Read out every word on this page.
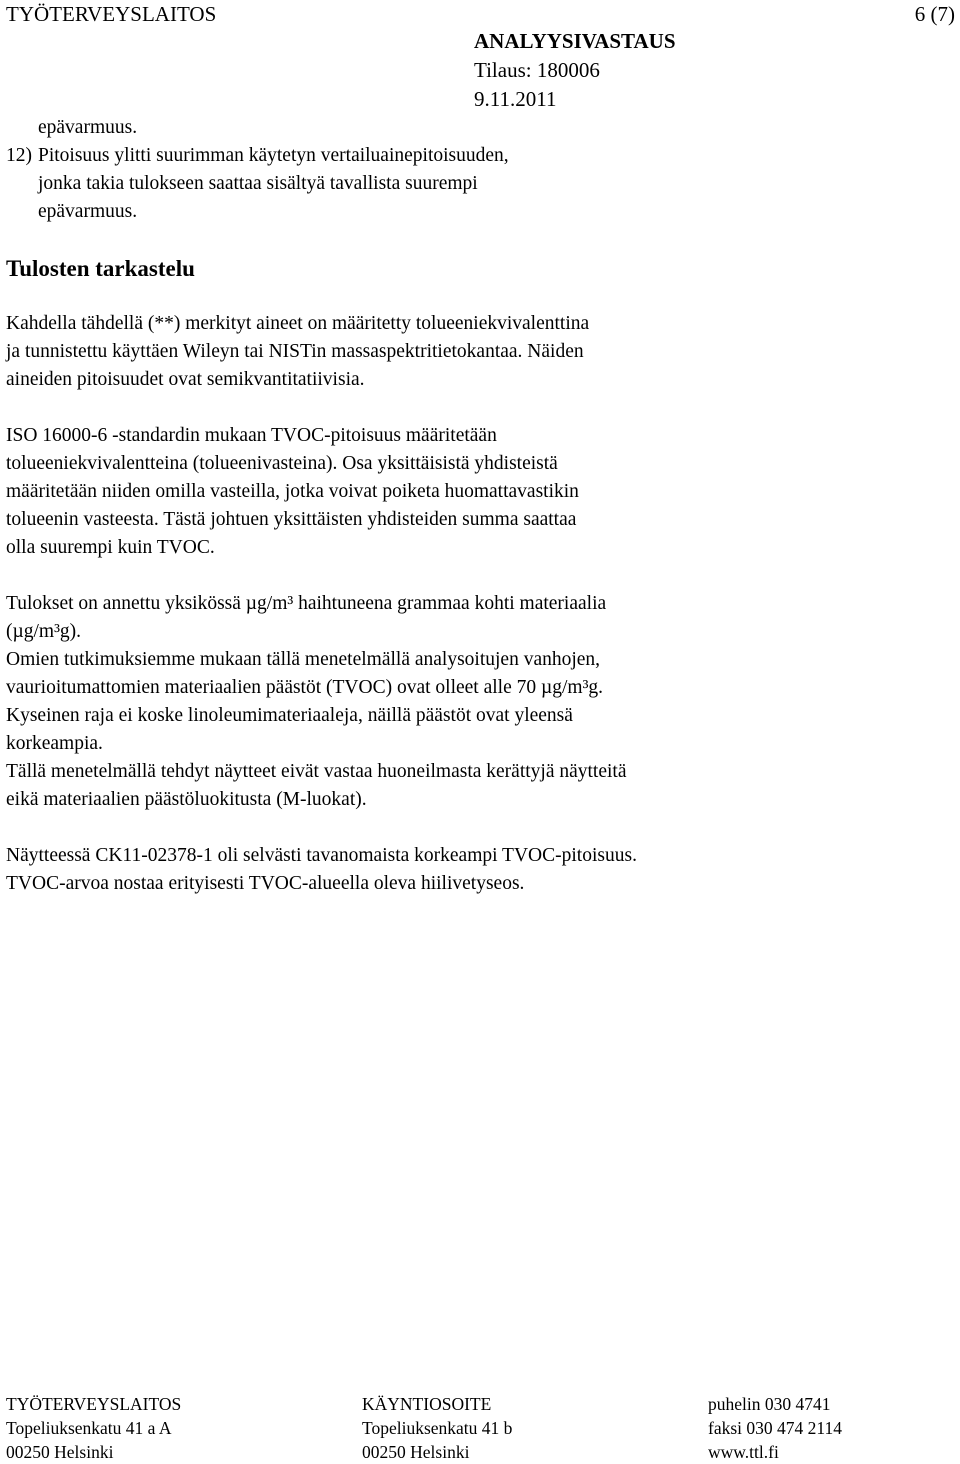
TYÖTERVEYSLAITOS	6 (7)
ANALYYSIVASTAUS
Tilaus: 180006
9.11.2011
epävarmuus.
12) Pitoisuus ylitti suurimman käytetyn vertailuainepitoisuuden,
jonka takia tulokseen saattaa sisältyä tavallista suurempi
epävarmuus.
Tulosten tarkastelu
Kahdella tähdellä (**) merkityt aineet on määritetty tolueeniekvivalenttina
ja tunnistettu käyttäen Wileyn tai NISTin massaspektritietokantaa. Näiden
aineiden pitoisuudet ovat semikvantitatiivisia.
ISO 16000-6 -standardin mukaan TVOC-pitoisuus määritetään
tolueeniekvivalentteina (tolueenivasteina). Osa yksittäisistä yhdisteistä
määritetään niiden omilla vasteilla, jotka voivat poiketa huomattavastikin
tolueenin vasteesta. Tästä johtuen yksittäisten yhdisteiden summa saattaa
olla suurempi kuin TVOC.
Tulokset on annettu yksikössä µg/m³ haihtuneena grammaa kohti materiaalia
(µg/m³g).
Omien tutkimuksiemme mukaan tällä menetelmällä analysoitujen vanhojen,
vaurioitumattomien materiaalien päästöt (TVOC) ovat olleet alle 70 µg/m³g.
Kyseinen raja ei koske linoleumimateriaaleja, näillä päästöt ovat yleensä
korkeampia.
Tällä menetelmällä tehdyt näytteet eivät vastaa huoneilmasta kerättyjä näytteitä
eikä materiaalien päästöluokitusta (M-luokat).
Näytteessä CK11-02378-1 oli selvästi tavanomaista korkeampi TVOC-pitoisuus.
TVOC-arvoa nostaa erityisesti TVOC-alueella oleva hiilivetyseos.
TYÖTERVEYSLAITOS
Topeliuksenkatu 41 a A
00250 Helsinki
KÄYNTIOSOITE
Topeliuksenkatu 41 b
00250 Helsinki
puhelin 030 4741
faksi 030 474 2114
www.ttl.fi
